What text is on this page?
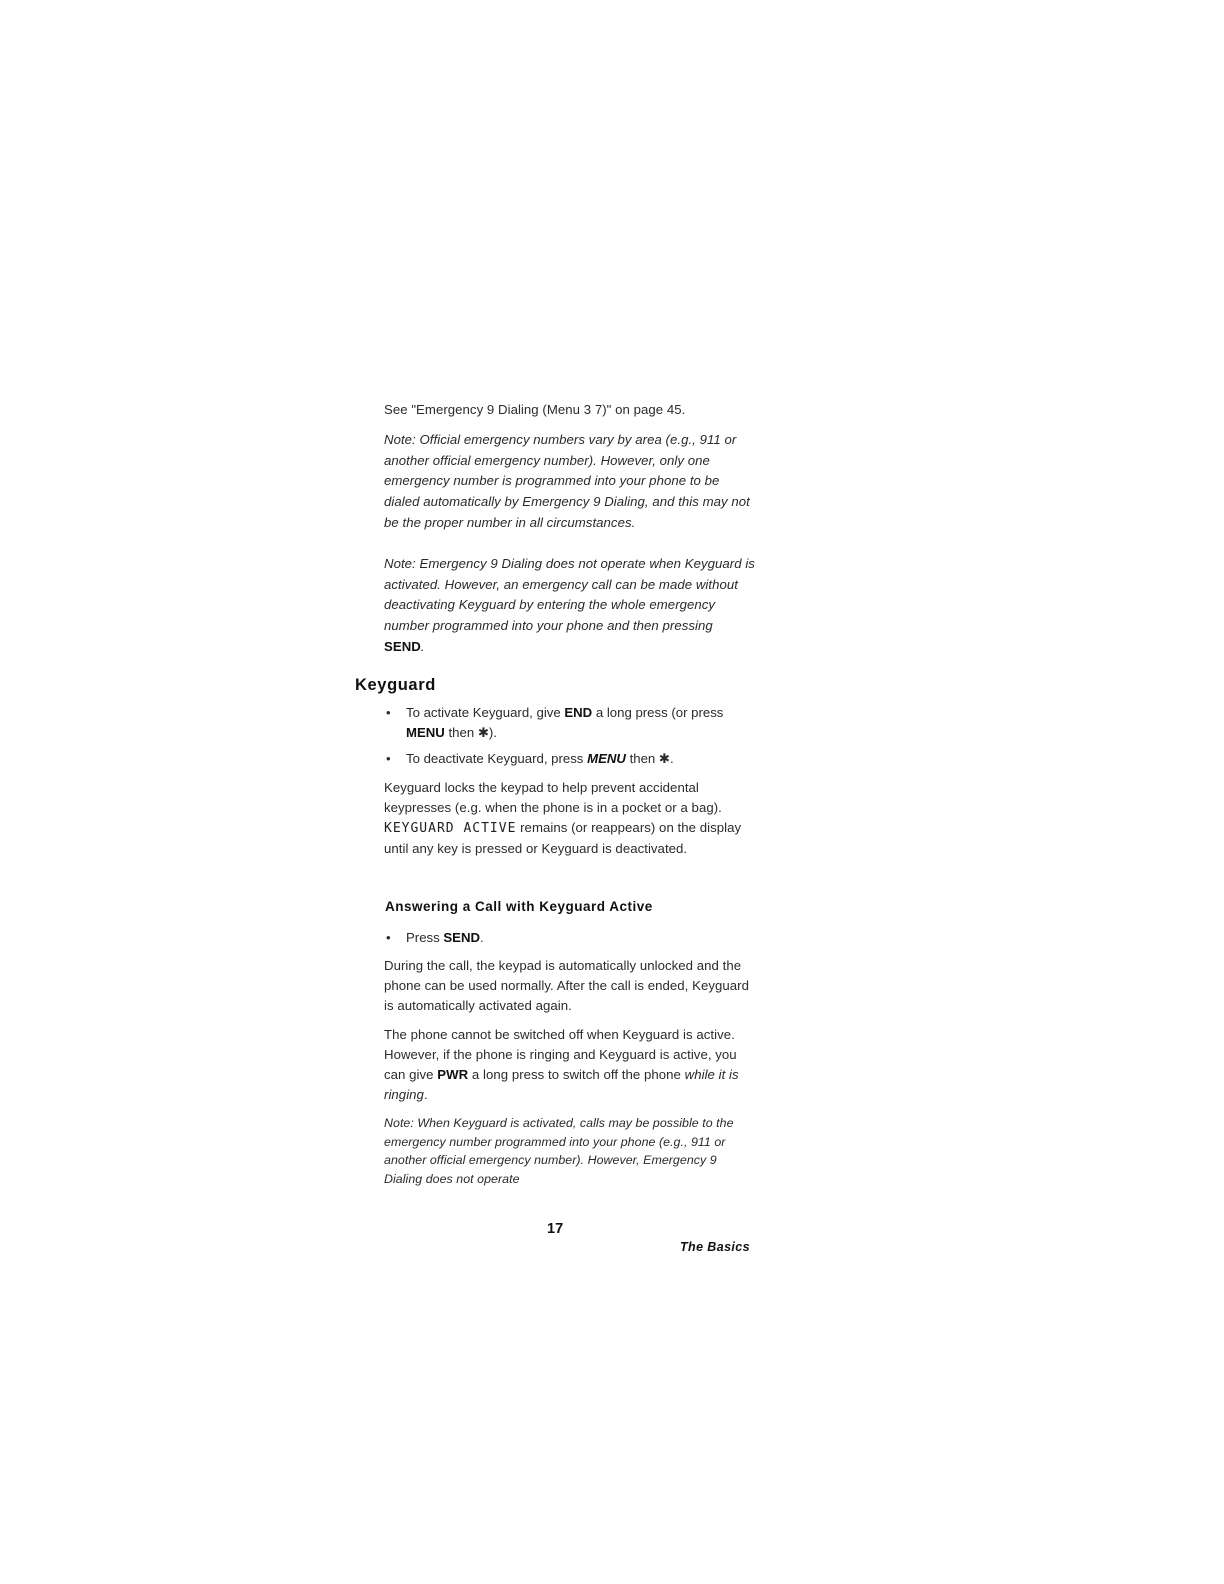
See "Emergency 9 Dialing (Menu 3 7)" on page 45.

Note: Official emergency numbers vary by area (e.g., 911 or another official emergency number). However, only one emergency number is programmed into your phone to be dialed automatically by Emergency 9 Dialing, and this may not be the proper number in all circumstances.

Note: Emergency 9 Dialing does not operate when Keyguard is activated. However, an emergency call can be made without deactivating Keyguard by entering the whole emergency number programmed into your phone and then pressing SEND.

Keyguard
• To activate Keyguard, give END a long press (or press MENU then ✱).
• To deactivate Keyguard, press MENU then ✱.

Keyguard locks the keypad to help prevent accidental keypresses (e.g. when the phone is in a pocket or a bag). KEYGUARD ACTIVE remains (or reappears) on the display until any key is pressed or Keyguard is deactivated.

Answering a Call with Keyguard Active
• Press SEND.

During the call, the keypad is automatically unlocked and the phone can be used normally. After the call is ended, Keyguard is automatically activated again.

The phone cannot be switched off when Keyguard is active. However, if the phone is ringing and Keyguard is active, you can give PWR a long press to switch off the phone while it is ringing.

Note: When Keyguard is activated, calls may be possible to the emergency number programmed into your phone (e.g., 911 or another official emergency number). However, Emergency 9 Dialing does not operate

17
The Basics
